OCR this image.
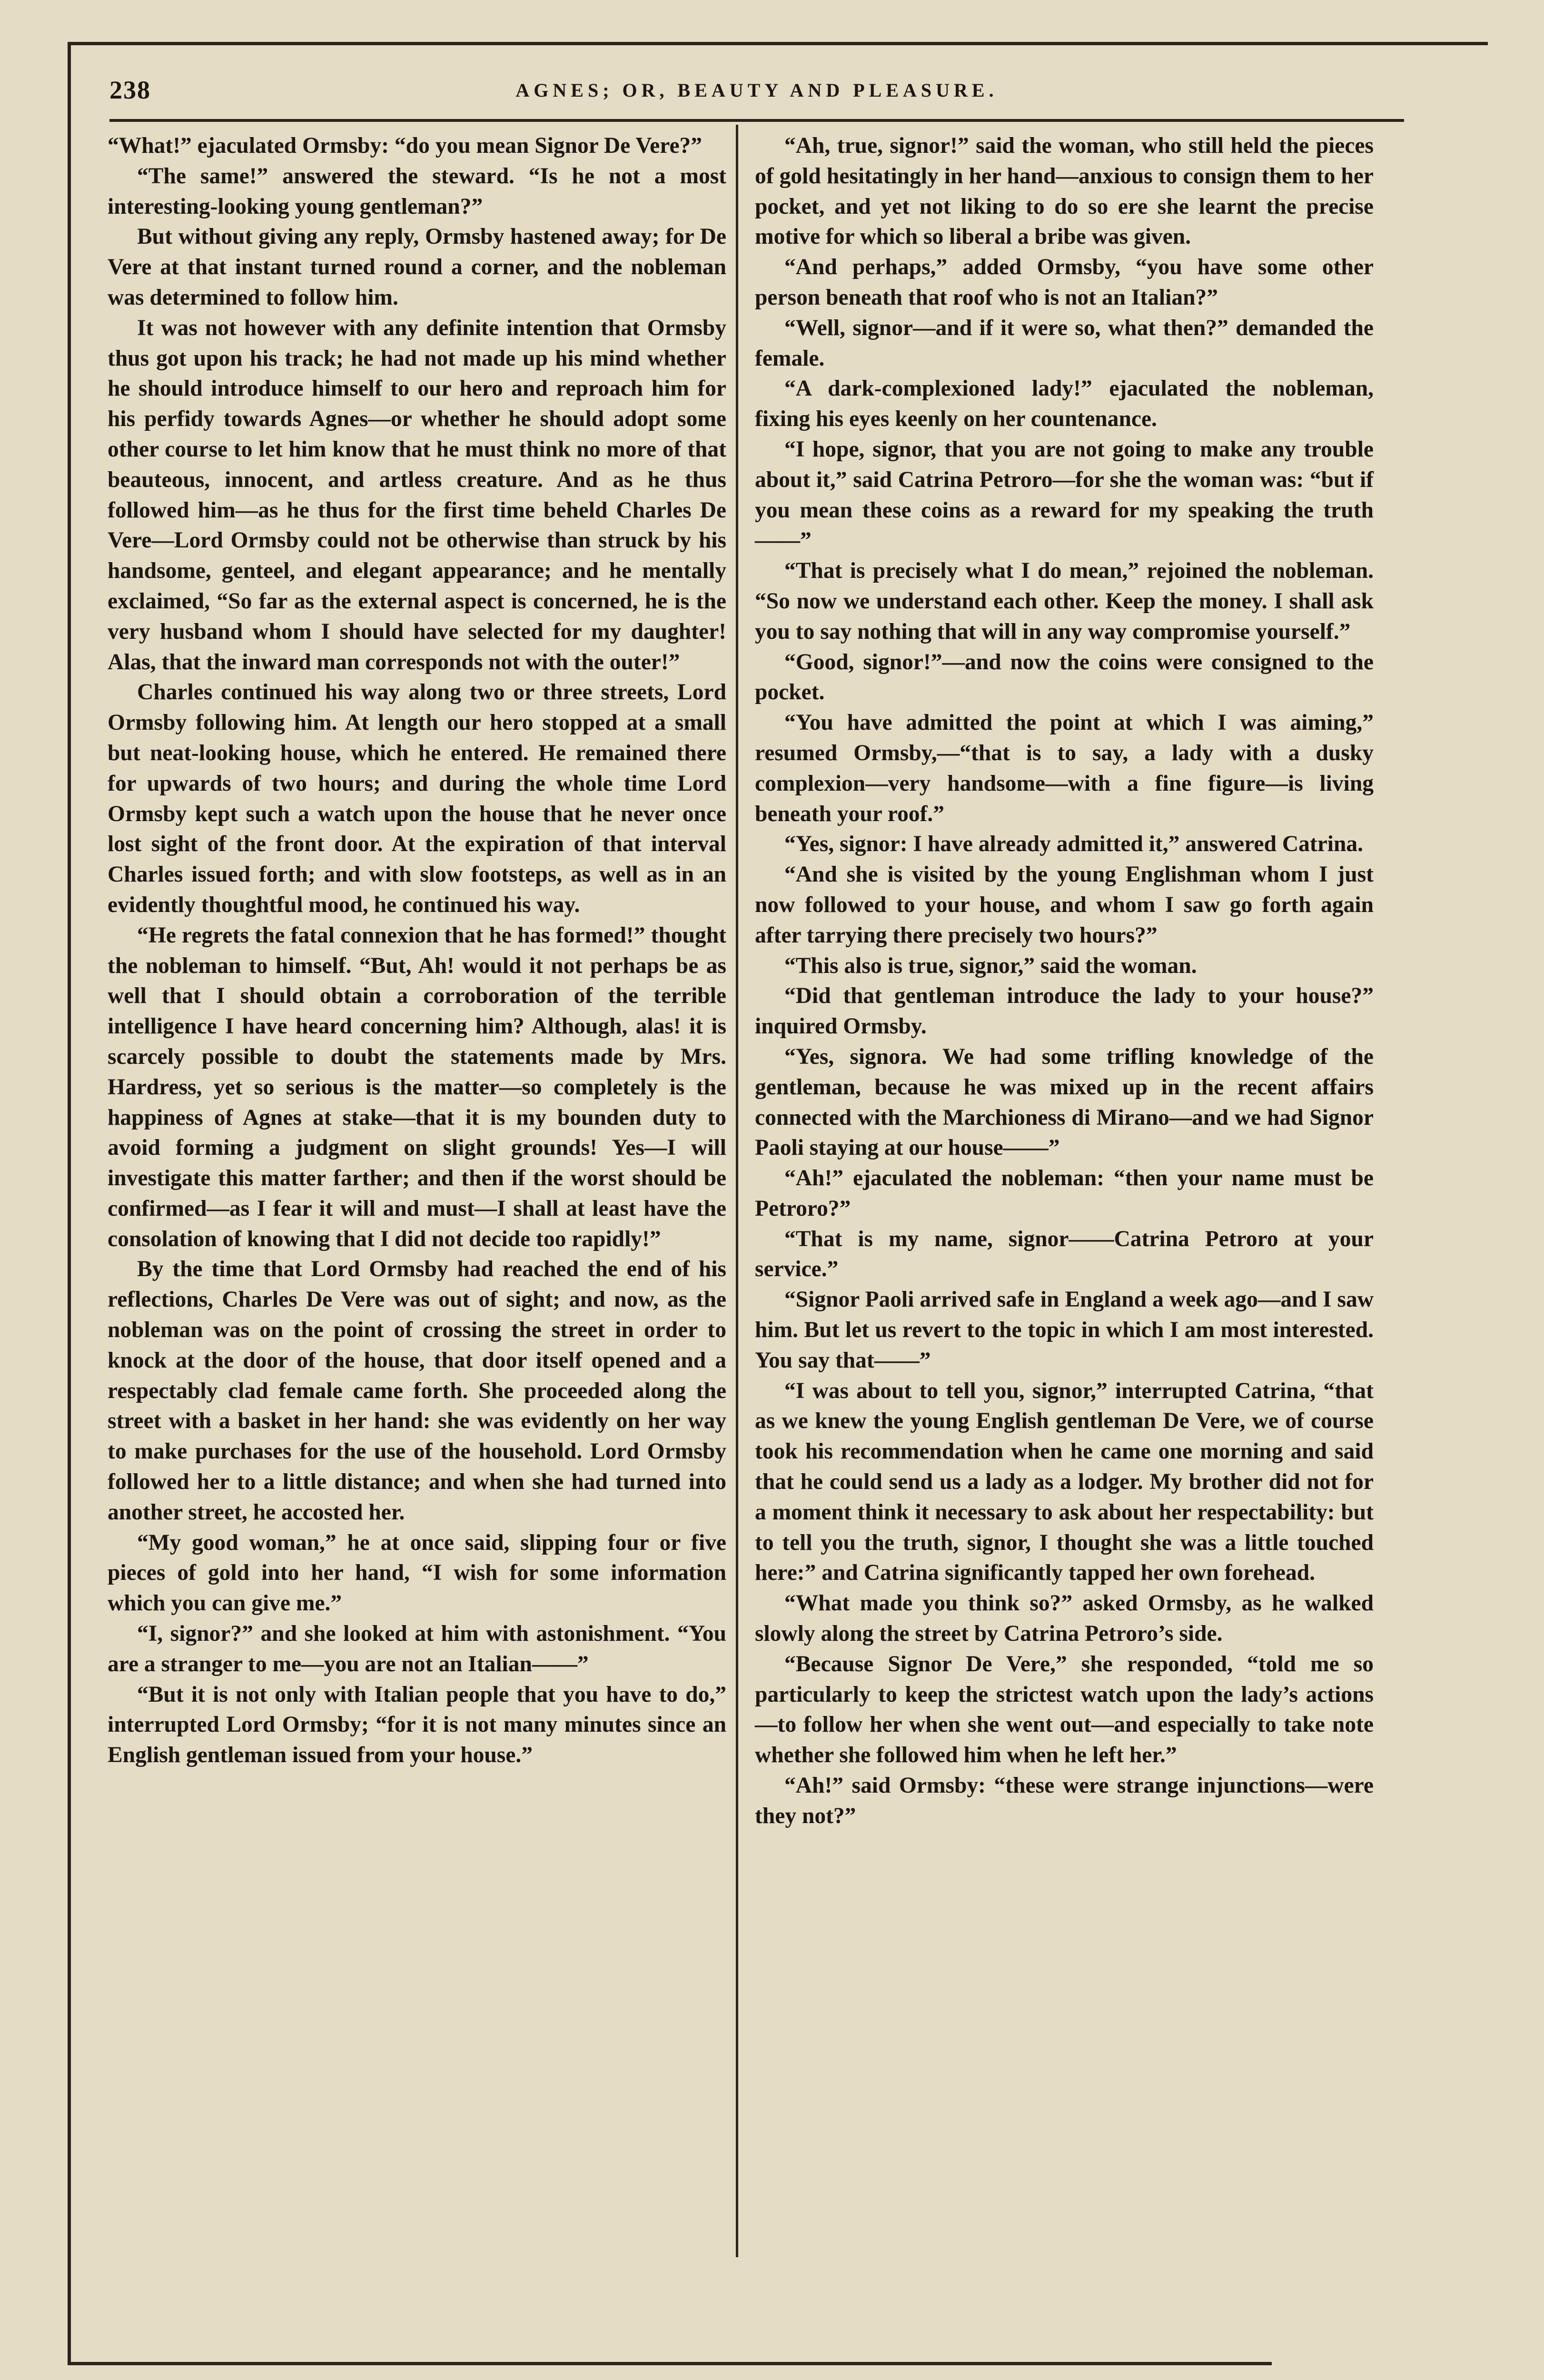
238	AGNES; OR, BEAUTY AND PLEASURE.

“What!” ejaculated Ormsby: “do you mean Signor De Vere?”

“The same!” answered the steward. “Is he not a most interesting-looking young gentleman?”

But without giving any reply, Ormsby hastened away; for De Vere at that instant turned round a corner, and the nobleman was determined to follow him.

It was not however with any definite intention that Ormsby thus got upon his track; he had not made up his mind whether he should introduce himself to our hero and reproach him for his perfidy towards Agnes—or whether he should adopt some other course to let him know that he must think no more of that beauteous, innocent, and artless creature. And as he thus followed him—as he thus for the first time beheld Charles De Vere—Lord Ormsby could not be otherwise than struck by his handsome, genteel, and elegant appearance; and he mentally exclaimed, “So far as the external aspect is concerned, he is the very husband whom I should have selected for my daughter! Alas, that the inward man corresponds not with the outer!”

Charles continued his way along two or three streets, Lord Ormsby following him. At length our hero stopped at a small but neat-looking house, which he entered. He remained there for upwards of two hours; and during the whole time Lord Ormsby kept such a watch upon the house that he never once lost sight of the front door. At the expiration of that interval Charles issued forth; and with slow footsteps, as well as in an evidently thoughtful mood, he continued his way.

“He regrets the fatal connexion that he has formed!” thought the nobleman to himself. “But, Ah! would it not perhaps be as well that I should obtain a corroboration of the terrible intelligence I have heard concerning him? Although, alas! it is scarcely possible to doubt the statements made by Mrs. Hardress, yet so serious is the matter—so completely is the happiness of Agnes at stake—that it is my bounden duty to avoid forming a judgment on slight grounds! Yes—I will investigate this matter farther; and then if the worst should be confirmed—as I fear it will and must—I shall at least have the consolation of knowing that I did not decide too rapidly!”

By the time that Lord Ormsby had reached the end of his reflections, Charles De Vere was out of sight; and now, as the nobleman was on the point of crossing the street in order to knock at the door of the house, that door itself opened and a respectably clad female came forth. She proceeded along the street with a basket in her hand: she was evidently on her way to make purchases for the use of the household. Lord Ormsby followed her to a little distance; and when she had turned into another street, he accosted her.

“My good woman,” he at once said, slipping four or five pieces of gold into her hand, “I wish for some information which you can give me.”

“I, signor?” and she looked at him with astonishment. “You are a stranger to me—you are not an Italian——”

“But it is not only with Italian people that you have to do,” interrupted Lord Ormsby; “for it is not many minutes since an English gentleman issued from your house.”

“Ah, true, signor!” said the woman, who still held the pieces of gold hesitatingly in her hand—anxious to consign them to her pocket, and yet not liking to do so ere she learnt the precise motive for which so liberal a bribe was given.

“And perhaps,” added Ormsby, “you have some other person beneath that roof who is not an Italian?”

“Well, signor—and if it were so, what then?” demanded the female.

“A dark-complexioned lady!” ejaculated the nobleman, fixing his eyes keenly on her countenance.

“I hope, signor, that you are not going to make any trouble about it,” said Catrina Petroro—for she the woman was: “but if you mean these coins as a reward for my speaking the truth——”

“That is precisely what I do mean,” rejoined the nobleman. “So now we understand each other. Keep the money. I shall ask you to say nothing that will in any way compromise yourself.”

“Good, signor!”—and now the coins were consigned to the pocket.

“You have admitted the point at which I was aiming,” resumed Ormsby,—“that is to say, a lady with a dusky complexion—very handsome—with a fine figure—is living beneath your roof.”

“Yes, signor: I have already admitted it,” answered Catrina.

“And she is visited by the young Englishman whom I just now followed to your house, and whom I saw go forth again after tarrying there precisely two hours?”

“This also is true, signor,” said the woman.

“Did that gentleman introduce the lady to your house?” inquired Ormsby.

“Yes, signora. We had some trifling knowledge of the gentleman, because he was mixed up in the recent affairs connected with the Marchioness di Mirano—and we had Signor Paoli staying at our house——”

“Ah!” ejaculated the nobleman: “then your name must be Petroro?”

“That is my name, signor——Catrina Petroro at your service.”

“Signor Paoli arrived safe in England a week ago—and I saw him. But let us revert to the topic in which I am most interested. You say that——”

“I was about to tell you, signor,” interrupted Catrina, “that as we knew the young English gentleman De Vere, we of course took his recommendation when he came one morning and said that he could send us a lady as a lodger. My brother did not for a moment think it necessary to ask about her respectability: but to tell you the truth, signor, I thought she was a little touched here:” and Catrina significantly tapped her own forehead.

“What made you think so?” asked Ormsby, as he walked slowly along the street by Catrina Petroro’s side.

“Because Signor De Vere,” she responded, “told me so particularly to keep the strictest watch upon the lady’s actions—to follow her when she went out—and especially to take note whether she followed him when he left her.”

“Ah!” said Ormsby: “these were strange injunctions—were they not?”
